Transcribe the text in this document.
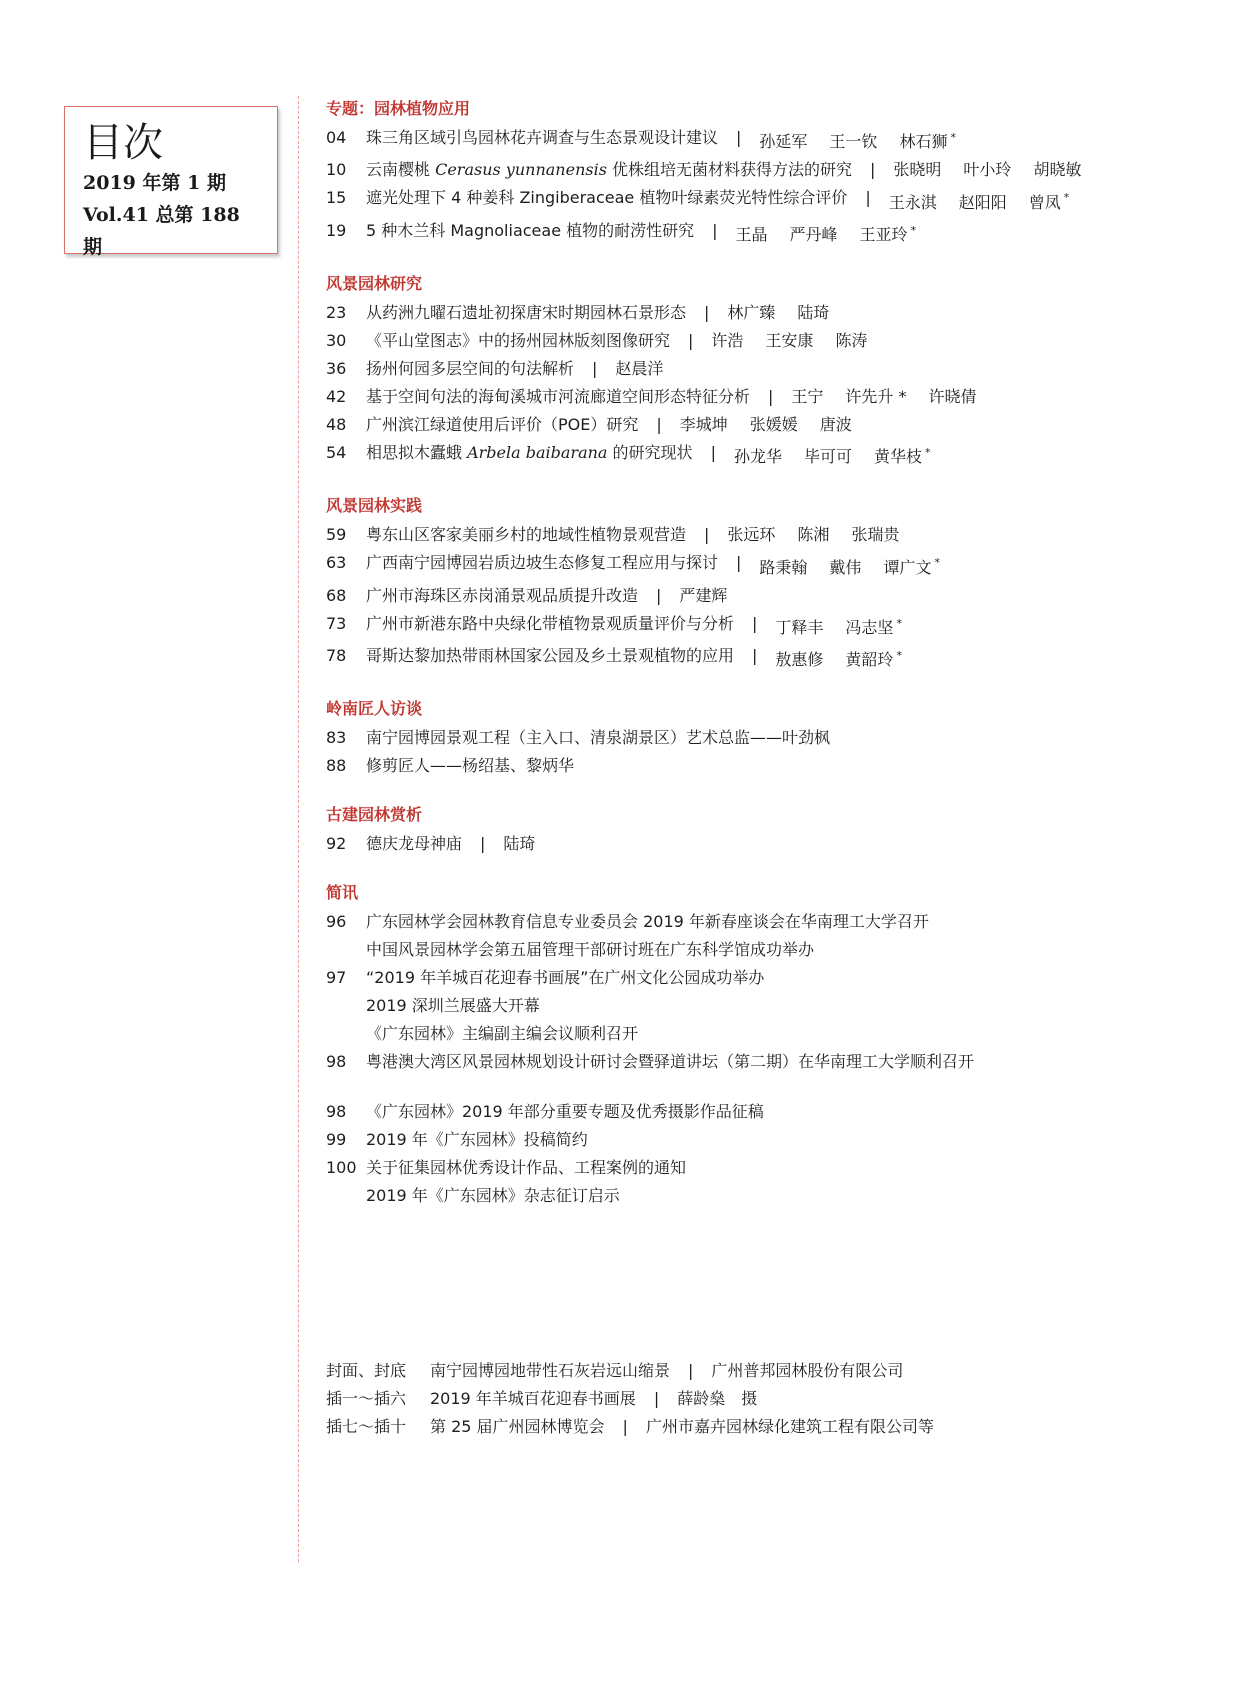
目次
2019 年第 1 期
Vol.41 总第 188 期
专题：园林植物应用
04	珠三角区域引鸟园林花卉调查与生态景观设计建议 | 孙延军 王一钦 林石狮 *
10	云南樱桃 Cerasus yunnanensis 优株组培无菌材料获得方法的研究 | 张晓明 叶小玲 胡晓敏
15	遮光处理下 4 种姜科 Zingiberaceae 植物叶绿素荧光特性综合评价 | 王永淇 赵阳阳 曾凤 *
19	5 种木兰科 Magnoliaceae 植物的耐涝性研究 | 王晶 严丹峰 王亚玲 *
风景园林研究
23	从药洲九曜石遗址初探唐宋时期园林石景形态 | 林广臻 陆琦
30	《平山堂图志》中的扬州园林版刻图像研究 | 许浩 王安康 陈涛
36	扬州何园多层空间的句法解析 | 赵晨洋
42	基于空间句法的海甸溪城市河流廊道空间形态特征分析 | 王宁 许先升 * 许晓倩
48	广州滨江绿道使用后评价（POE）研究 | 李城坤 张媛媛 唐波
54	相思拟木蠹蛾 Arbela baibarana 的研究现状 | 孙龙华 毕可可 黄华枝 *
风景园林实践
59	粤东山区客家美丽乡村的地域性植物景观营造 | 张远环 陈湘 张瑞贵
63	广西南宁园博园岩质边坡生态修复工程应用与探讨 | 路秉翰 戴伟 谭广文 *
68	广州市海珠区赤岗涌景观品质提升改造 | 严建辉
73	广州市新港东路中央绿化带植物景观质量评价与分析 | 丁释丰 冯志坚 *
78	哥斯达黎加热带雨林国家公园及乡土景观植物的应用 | 敖惠修 黄韶玲 *
岭南匠人访谈
83	南宁园博园景观工程（主入口、清泉湖景区）艺术总监——叶劲枫
88	修剪匠人——杨绍基、黎炳华
古建园林赏析
92	德庆龙母神庙 | 陆琦
简讯
96	广东园林学会园林教育信息专业委员会 2019 年新春座谈会在华南理工大学召开
中国风景园林学会第五届管理干部研讨班在广东科学馆成功举办
97	“2019 年羊城百花迎春书画展”在广州文化公园成功举办
2019 深圳兰展盛大开幕
《广东园林》主编副主编会议顺利召开
98	粤港澳大湾区风景园林规划设计研讨会暨驿道讲坛（第二期）在华南理工大学顺利召开
98	《广东园林》2019 年部分重要专题及优秀摄影作品征稿
99	2019 年《广东园林》投稿简约
100 关于征集园林优秀设计作品、工程案例的通知
2019 年《广东园林》杂志征订启示
封面、封底	南宁园博园地带性石灰岩远山缩景 | 广州普邦园林股份有限公司
插一～插六	2019 年羊城百花迎春书画展 | 薛龄燊　摄
插七～插十	第 25 届广州园林博览会 | 广州市嘉卉园林绿化建筑工程有限公司等
